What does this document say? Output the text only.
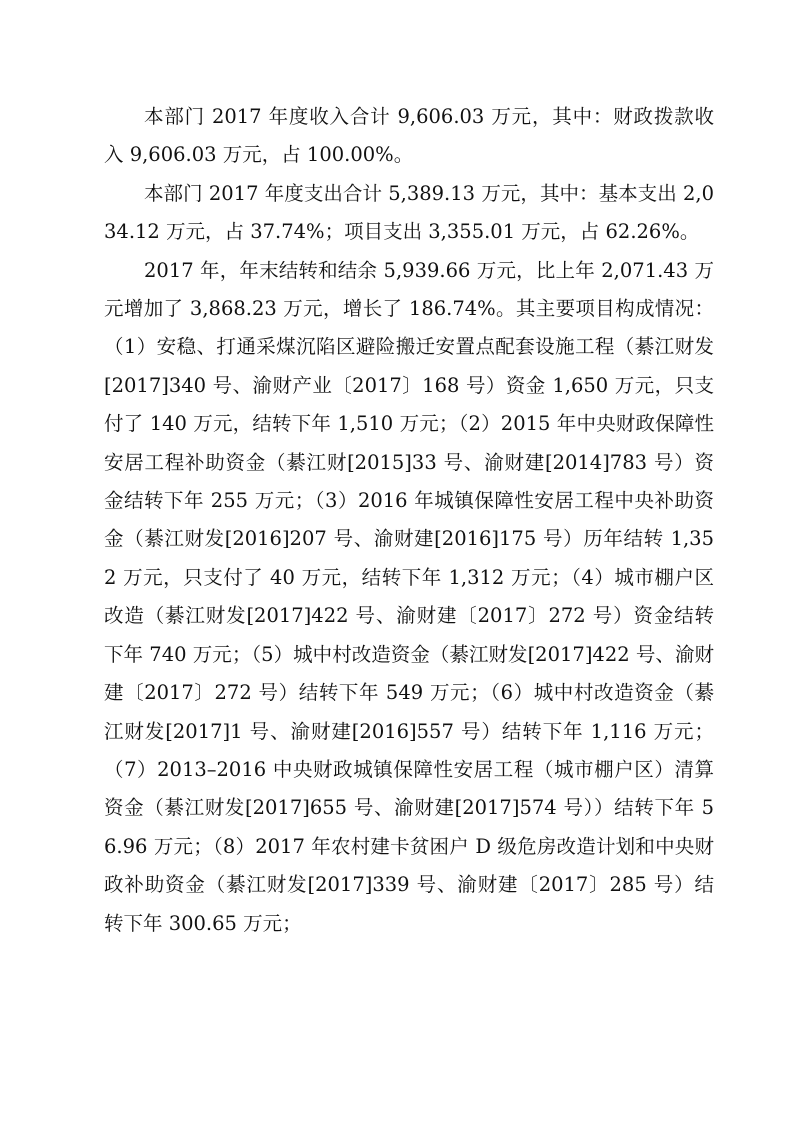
本部门 2017 年度收入合计 9,606.03 万元，其中：财政拨款收入 9,606.03 万元，占 100.00%。

本部门 2017 年度支出合计 5,389.13 万元，其中：基本支出 2,034.12 万元，占 37.74%；项目支出 3,355.01 万元，占 62.26%。

2017 年，年末结转和结余 5,939.66 万元，比上年 2,071.43 万元增加了 3,868.23 万元，增长了 186.74%。其主要项目构成情况：（1）安稳、打通采煤沉陷区避险搬迁安置点配套设施工程（綦江财发[2017]340 号、渝财产业〔2017〕168 号）资金 1,650 万元，只支付了 140 万元，结转下年 1,510 万元；（2）2015 年中央财政保障性安居工程补助资金（綦江财[2015]33 号、渝财建[2014]783 号）资金结转下年 255 万元；（3）2016 年城镇保障性安居工程中央补助资金（綦江财发[2016]207 号、渝财建[2016]175 号）历年结转 1,352 万元，只支付了 40 万元，结转下年 1,312 万元；（4）城市棚户区改造（綦江财发[2017]422 号、渝财建〔2017〕272 号）资金结转下年 740 万元；（5）城中村改造资金（綦江财发[2017]422 号、渝财建〔2017〕272 号）结转下年 549 万元；（6）城中村改造资金（綦江财发[2017]1 号、渝财建[2016]557 号）结转下年 1,116 万元；（7）2013–2016 中央财政城镇保障性安居工程（城市棚户区）清算资金（綦江财发[2017]655 号、渝财建[2017]574 号））结转下年 56.96 万元；（8）2017 年农村建卡贫困户 D 级危房改造计划和中央财政补助资金（綦江财发[2017]339 号、渝财建〔2017〕285 号）结转下年 300.65 万元；
